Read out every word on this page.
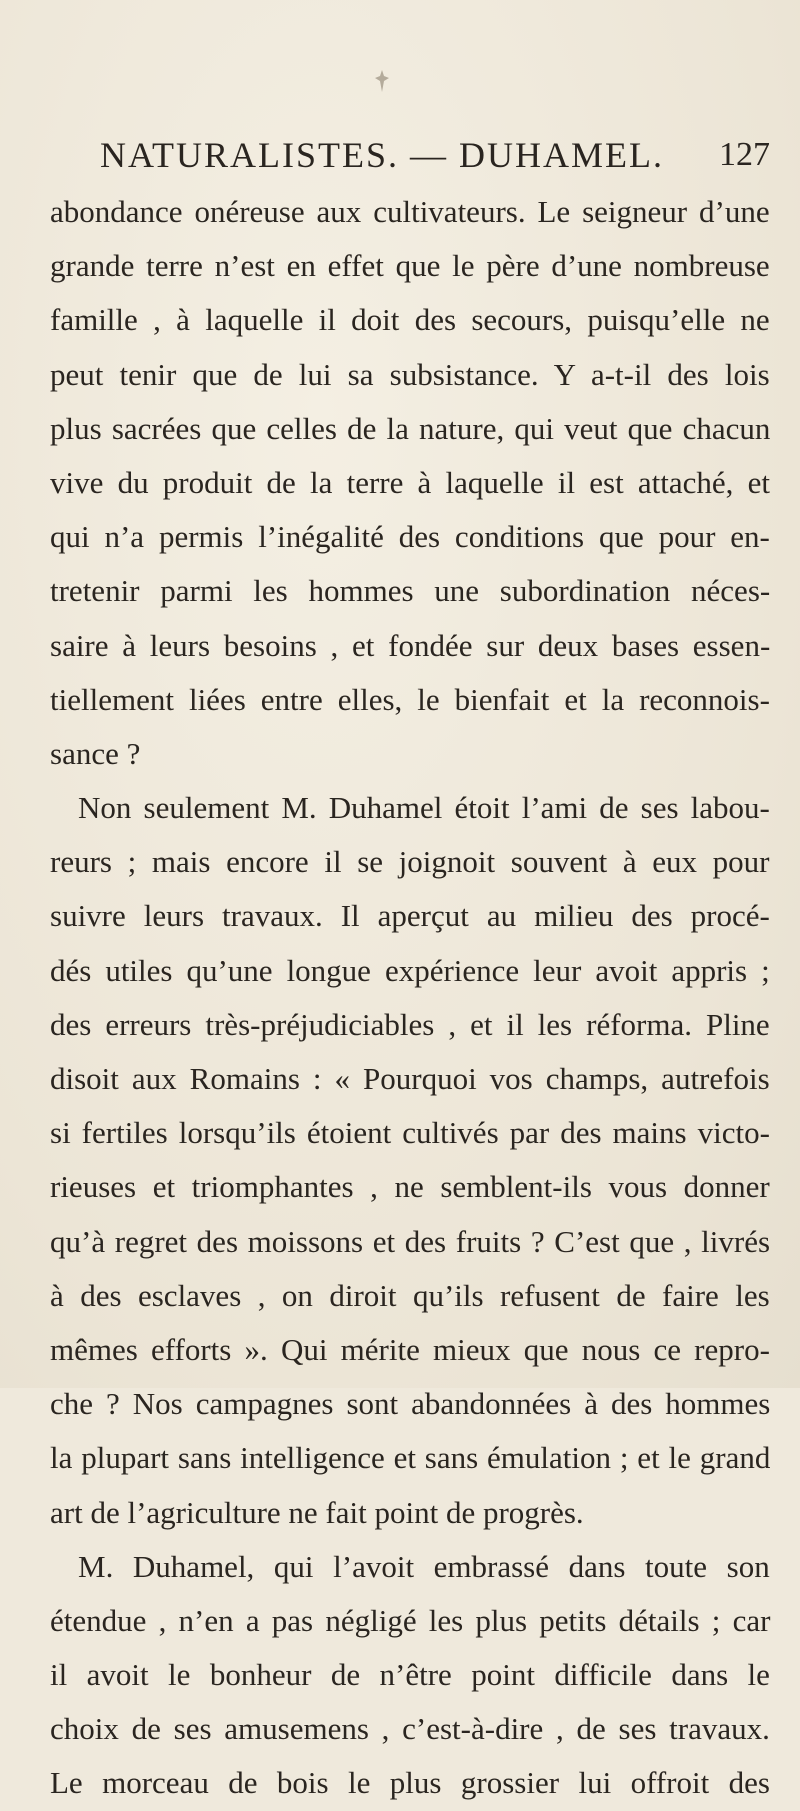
NATURALISTES. — DUHAMEL. 127
abondance onéreuse aux cultivateurs. Le seigneur d’une
grande terre n’est en effet que le père d’une nombreuse
famille , à laquelle il doit des secours, puisqu’elle ne
peut tenir que de lui sa subsistance. Y a-t-il des lois
plus sacrées que celles de la nature, qui veut que chacun
vive du produit de la terre à laquelle il est attaché, et
qui n’a permis l’inégalité des conditions que pour en-
tretenir parmi les hommes une subordination néces-
saire à leurs besoins , et fondée sur deux bases essen-
tiellement liées entre elles, le bienfait et la reconnois-
sance ?
Non seulement M. Duhamel étoit l’ami de ses labou-
reurs ; mais encore il se joignoit souvent à eux pour
suivre leurs travaux. Il aperçut au milieu des procé-
dés utiles qu’une longue expérience leur avoit appris ;
des erreurs très-préjudiciables , et il les réforma. Pline
disoit aux Romains : « Pourquoi vos champs, autrefois
si fertiles lorsqu’ils étoient cultivés par des mains victo-
rieuses et triomphantes , ne semblent-ils vous donner
qu’à regret des moissons et des fruits ? C’est que , livrés
à des esclaves , on diroit qu’ils refusent de faire les
mêmes efforts ». Qui mérite mieux que nous ce repro-
che ? Nos campagnes sont abandonnées à des hommes
la plupart sans intelligence et sans émulation ; et le grand
art de l’agriculture ne fait point de progrès.
M. Duhamel, qui l’avoit embrassé dans toute son
étendue , n’en a pas négligé les plus petits détails ; car
il avoit le bonheur de n’être point difficile dans le
choix de ses amusemens , c’est-à-dire , de ses travaux.
Le morceau de bois le plus grossier lui offroit des
